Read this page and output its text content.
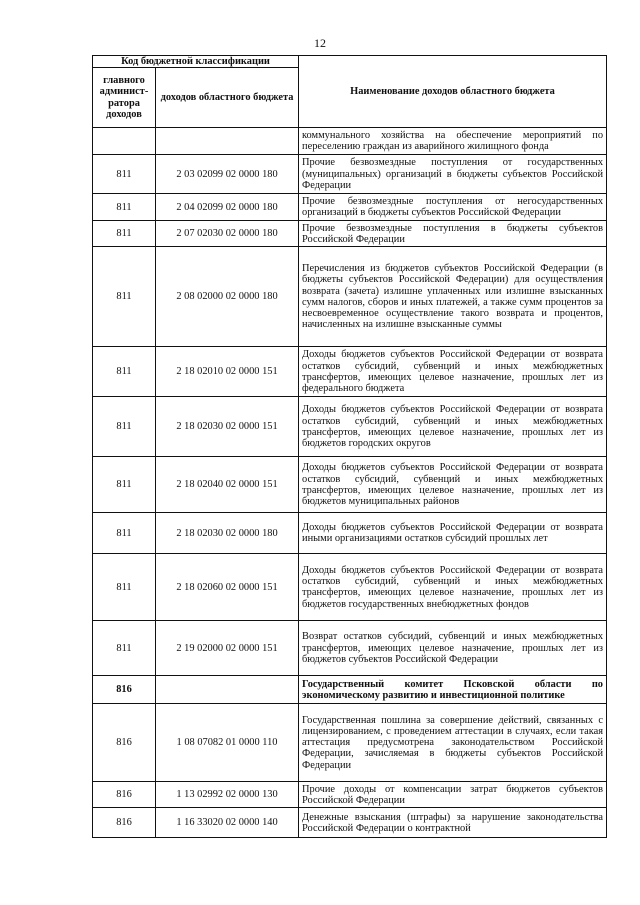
12
Код бюджетной классификации		Наименование доходов областного бюджета
главного админист-ратора доходов	доходов областного бюджета	
		коммунального хозяйства на обеспечение мероприятий по переселению граждан из аварийного жилищного фонда
811	2 03 02099 02 0000 180	Прочие безвозмездные поступления от государственных (муниципальных) организаций в бюджеты субъектов Российской Федерации
811	2 04 02099 02 0000 180	Прочие безвозмездные поступления от негосударственных организаций в бюджеты субъектов Российской Федерации
811	2 07 02030 02 0000 180	Прочие безвозмездные поступления в бюджеты субъектов Российской Федерации
811	2 08 02000 02 0000 180	Перечисления из бюджетов субъектов Российской Федерации (в бюджеты субъектов Российской Федерации) для осуществления возврата (зачета) излишне уплаченных или излишне взысканных сумм налогов, сборов и иных платежей, а также сумм процентов за несвоевременное осуществление такого возврата и процентов, начисленных на излишне взысканные суммы
811	2 18 02010 02 0000 151	Доходы бюджетов субъектов Российской Федерации от возврата остатков субсидий, субвенций и иных межбюджетных трансфертов, имеющих целевое назначение, прошлых лет из федерального бюджета
811	2 18 02030 02 0000 151	Доходы бюджетов субъектов Российской Федерации от возврата остатков субсидий, субвенций и иных межбюджетных трансфертов, имеющих целевое назначение, прошлых лет из бюджетов городских округов
811	2 18 02040 02 0000 151	Доходы бюджетов субъектов Российской Федерации от возврата остатков субсидий, субвенций и иных межбюджетных трансфертов, имеющих целевое назначение, прошлых лет из бюджетов муниципальных районов
811	2 18 02030 02 0000 180	Доходы бюджетов субъектов Российской Федерации от возврата иными организациями остатков субсидий прошлых лет
811	2 18 02060 02 0000 151	Доходы бюджетов субъектов Российской Федерации от возврата остатков субсидий, субвенций и иных межбюджетных трансфертов, имеющих целевое назначение, прошлых лет из бюджетов государственных внебюджетных фондов
811	2 19 02000 02 0000 151	Возврат остатков субсидий, субвенций и иных межбюджетных трансфертов, имеющих целевое назначение, прошлых лет из бюджетов субъектов Российской Федерации
816		Государственный комитет Псковской области по экономическому развитию и инвестиционной политике
816	1 08 07082 01 0000 110	Государственная пошлина за совершение действий, связанных с лицензированием, с проведением аттестации в случаях, если такая аттестация предусмотрена законодательством Российской Федерации, зачисляемая в бюджеты субъектов Российской Федерации
816	1 13 02992 02 0000 130	Прочие доходы от компенсации затрат бюджетов субъектов Российской Федерации
816	1 16 33020 02 0000 140	Денежные взыскания (штрафы) за нарушение законодательства Российской Федерации о контрактной
